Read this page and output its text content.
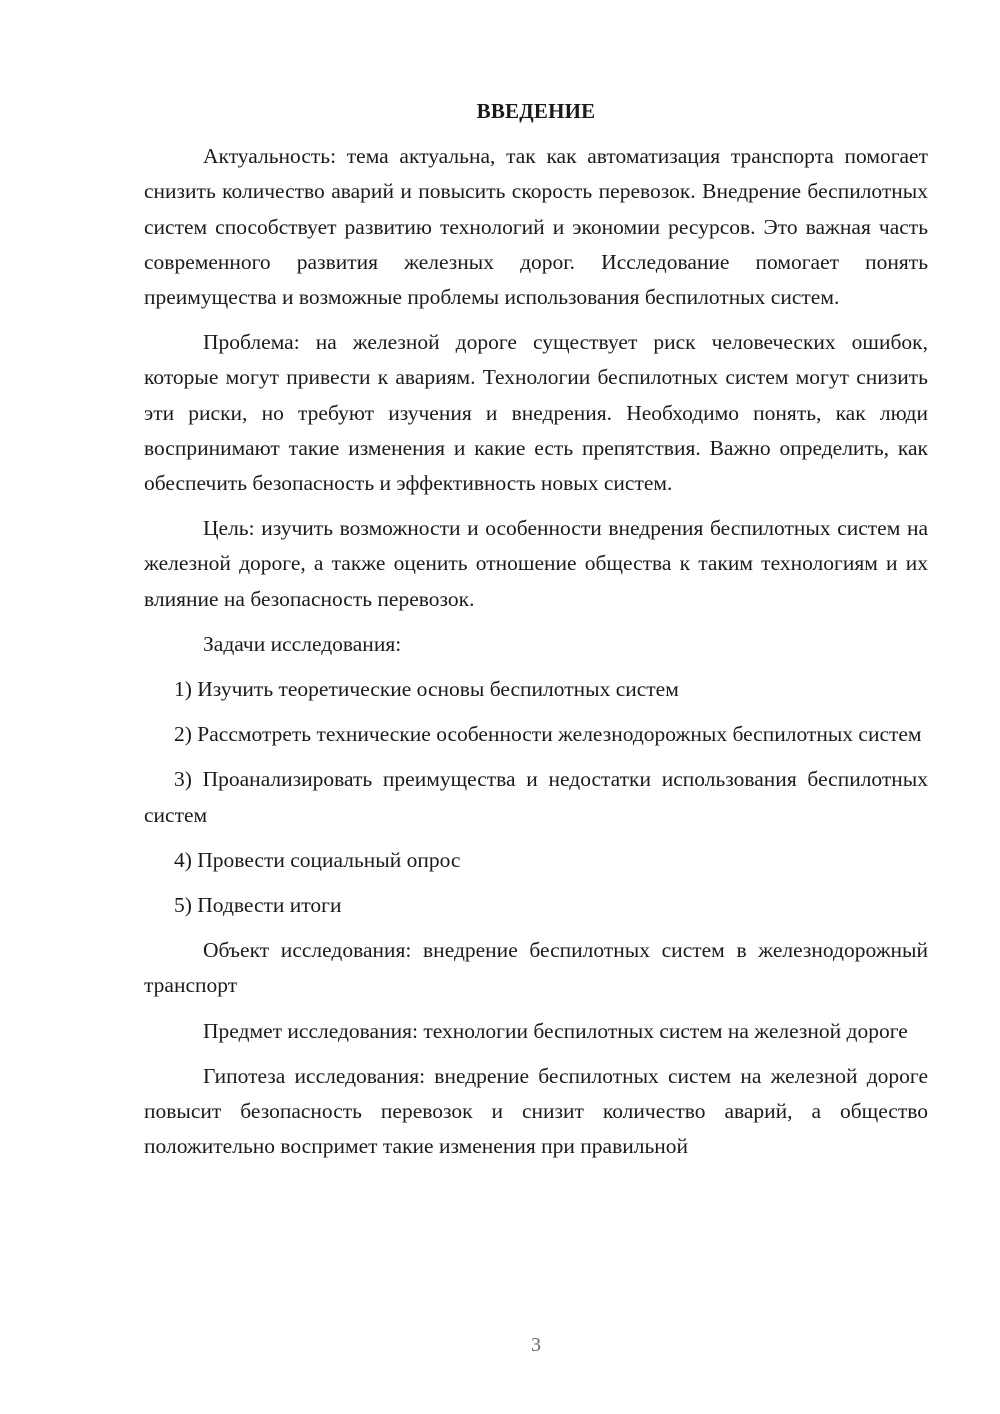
ВВЕДЕНИЕ

Актуальность: тема актуальна, так как автоматизация транспорта помогает снизить количество аварий и повысить скорость перевозок. Внедрение беспилотных систем способствует развитию технологий и экономии ресурсов. Это важная часть современного развития железных дорог. Исследование помогает понять преимущества и возможные проблемы использования беспилотных систем.

Проблема: на железной дороге существует риск человеческих ошибок, которые могут привести к авариям. Технологии беспилотных систем могут снизить эти риски, но требуют изучения и внедрения. Необходимо понять, как люди воспринимают такие изменения и какие есть препятствия. Важно определить, как обеспечить безопасность и эффективность новых систем.

Цель: изучить возможности и особенности внедрения беспилотных систем на железной дороге, а также оценить отношение общества к таким технологиям и их влияние на безопасность перевозок.

Задачи исследования:

1) Изучить теоретические основы беспилотных систем

2) Рассмотреть технические особенности железнодорожных беспилотных систем

3) Проанализировать преимущества и недостатки использования беспилотных систем

4) Провести социальный опрос

5) Подвести итоги

Объект исследования: внедрение беспилотных систем в железнодорожный транспорт

Предмет исследования: технологии беспилотных систем на железной дороге

Гипотеза исследования: внедрение беспилотных систем на железной дороге повысит безопасность перевозок и снизит количество аварий, а общество положительно воспримет такие изменения при правильной

3
